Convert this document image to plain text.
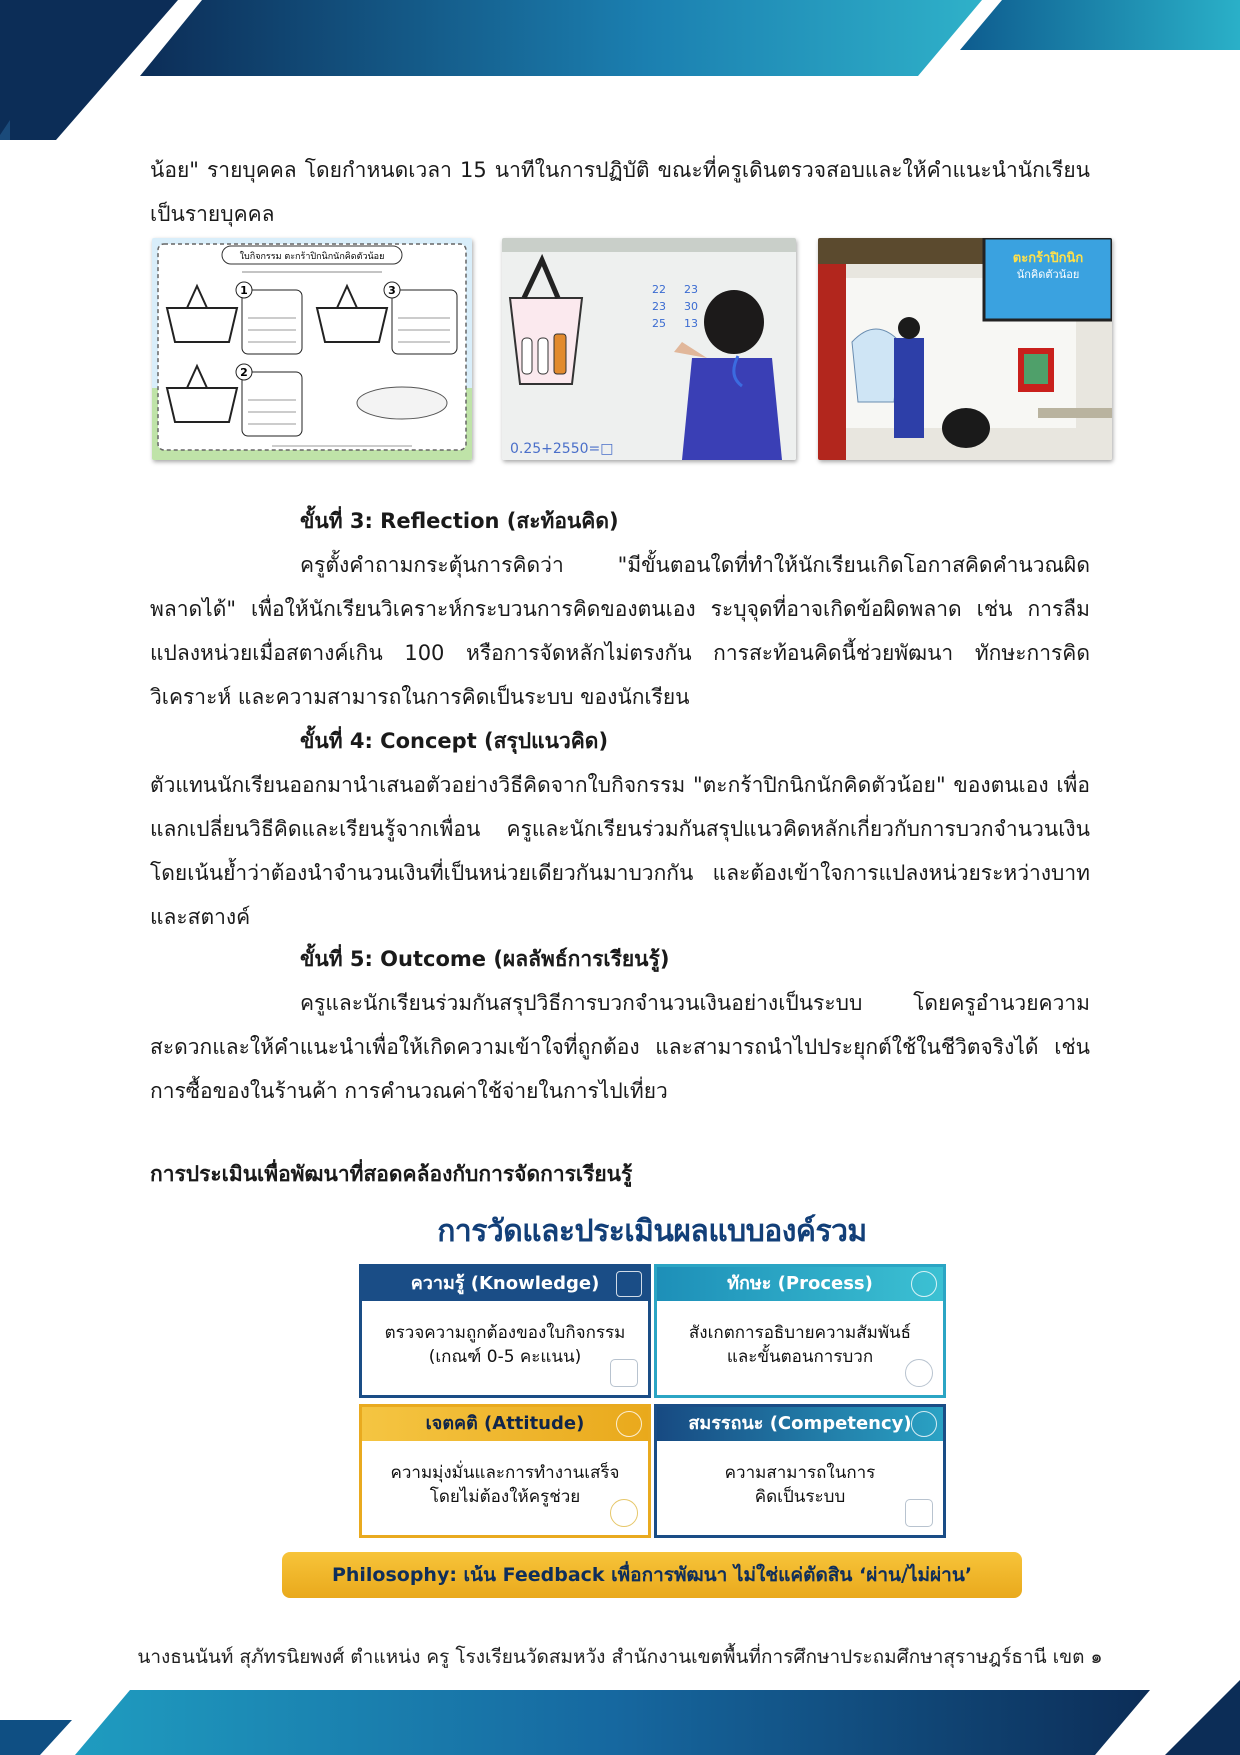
น้อย" รายบุคคล โดยกำหนดเวลา 15 นาทีในการปฏิบัติ ขณะที่ครูเดินตรวจสอบและให้คำแนะนำนักเรียนเป็นรายบุคคล
ใบกิจกรรม ตะกร้าปิกนิกนักคิดตัวน้อย
1	3
2
22 23
23 30
25 13
0.25+2550=□
ตะกร้าปิกนิก
นักคิดตัวน้อย
ขั้นที่ 3: Reflection (สะท้อนคิด)
ครูตั้งคำถามกระตุ้นการคิดว่า "มีขั้นตอนใดที่ทำให้นักเรียนเกิดโอกาสคิดคำนวณผิดพลาดได้" เพื่อให้นักเรียนวิเคราะห์กระบวนการคิดของตนเอง ระบุจุดที่อาจเกิดข้อผิดพลาด เช่น การลืมแปลงหน่วยเมื่อสตางค์เกิน 100 หรือการจัดหลักไม่ตรงกัน การสะท้อนคิดนี้ช่วยพัฒนา ทักษะการคิดวิเคราะห์ และความสามารถในการคิดเป็นระบบ ของนักเรียน
ขั้นที่ 4: Concept (สรุปแนวคิด)
ตัวแทนนักเรียนออกมานำเสนอตัวอย่างวิธีคิดจากใบกิจกรรม "ตะกร้าปิกนิกนักคิดตัวน้อย" ของตนเอง เพื่อแลกเปลี่ยนวิธีคิดและเรียนรู้จากเพื่อน ครูและนักเรียนร่วมกันสรุปแนวคิดหลักเกี่ยวกับการบวกจำนวนเงิน โดยเน้นย้ำว่าต้องนำจำนวนเงินที่เป็นหน่วยเดียวกันมาบวกกัน และต้องเข้าใจการแปลงหน่วยระหว่างบาทและสตางค์
ขั้นที่ 5: Outcome (ผลลัพธ์การเรียนรู้)
ครูและนักเรียนร่วมกันสรุปวิธีการบวกจำนวนเงินอย่างเป็นระบบ โดยครูอำนวยความสะดวกและให้คำแนะนำเพื่อให้เกิดความเข้าใจที่ถูกต้อง และสามารถนำไปประยุกต์ใช้ในชีวิตจริงได้ เช่น การซื้อของในร้านค้า การคำนวณค่าใช้จ่ายในการไปเที่ยว
การประเมินเพื่อพัฒนาที่สอดคล้องกับการจัดการเรียนรู้
การวัดและประเมินผลแบบองค์รวม
ความรู้ (Knowledge)
ตรวจความถูกต้องของใบกิจกรรม
(เกณฑ์ 0-5 คะแนน)
ทักษะ (Process)
สังเกตการอธิบายความสัมพันธ์
และขั้นตอนการบวก
เจตคติ (Attitude)
ความมุ่งมั่นและการทำงานเสร็จ
โดยไม่ต้องให้ครูช่วย
สมรรถนะ (Competency)
ความสามารถในการ
คิดเป็นระบบ
Philosophy: เน้น Feedback เพื่อการพัฒนา ไม่ใช่แค่ตัดสิน ‘ผ่าน/ไม่ผ่าน’
นางธนนันท์ สุภัทรนิยพงศ์ ตำแหน่ง ครู โรงเรียนวัดสมหวัง สำนักงานเขตพื้นที่การศึกษาประถมศึกษาสุราษฎร์ธานี เขต ๑
